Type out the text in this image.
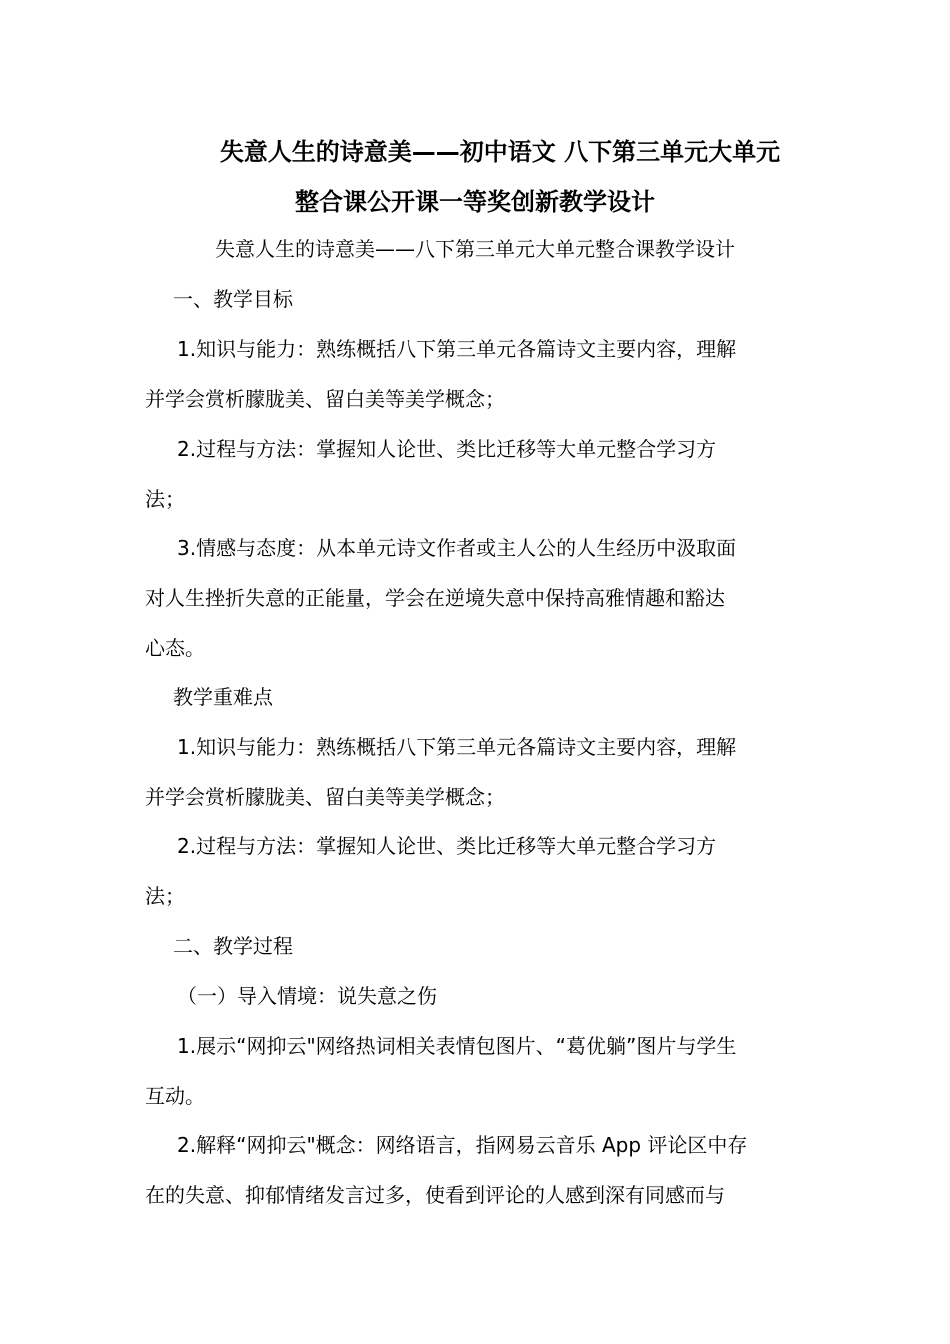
失意人生的诗意美——初中语文 八下第三单元大单元
整合课公开课一等奖创新教学设计
失意人生的诗意美——八下第三单元大单元整合课教学设计

一、教学目标

1.知识与能力：熟练概括八下第三单元各篇诗文主要内容，理解

并学会赏析朦胧美、留白美等美学概念；

2.过程与方法：掌握知人论世、类比迁移等大单元整合学习方

法；

3.情感与态度：从本单元诗文作者或主人公的人生经历中汲取面

对人生挫折失意的正能量，学会在逆境失意中保持高雅情趣和豁达

心态。

教学重难点

1.知识与能力：熟练概括八下第三单元各篇诗文主要内容，理解

并学会赏析朦胧美、留白美等美学概念；

2.过程与方法：掌握知人论世、类比迁移等大单元整合学习方

法；

二、教学过程

（一）导入情境：说失意之伤

1.展示“网抑云"网络热词相关表情包图片、“葛优躺”图片与学生

互动。

2.解释“网抑云"概念：网络语言，指网易云音乐 App 评论区中存

在的失意、抑郁情绪发言过多，使看到评论的人感到深有同感而与
